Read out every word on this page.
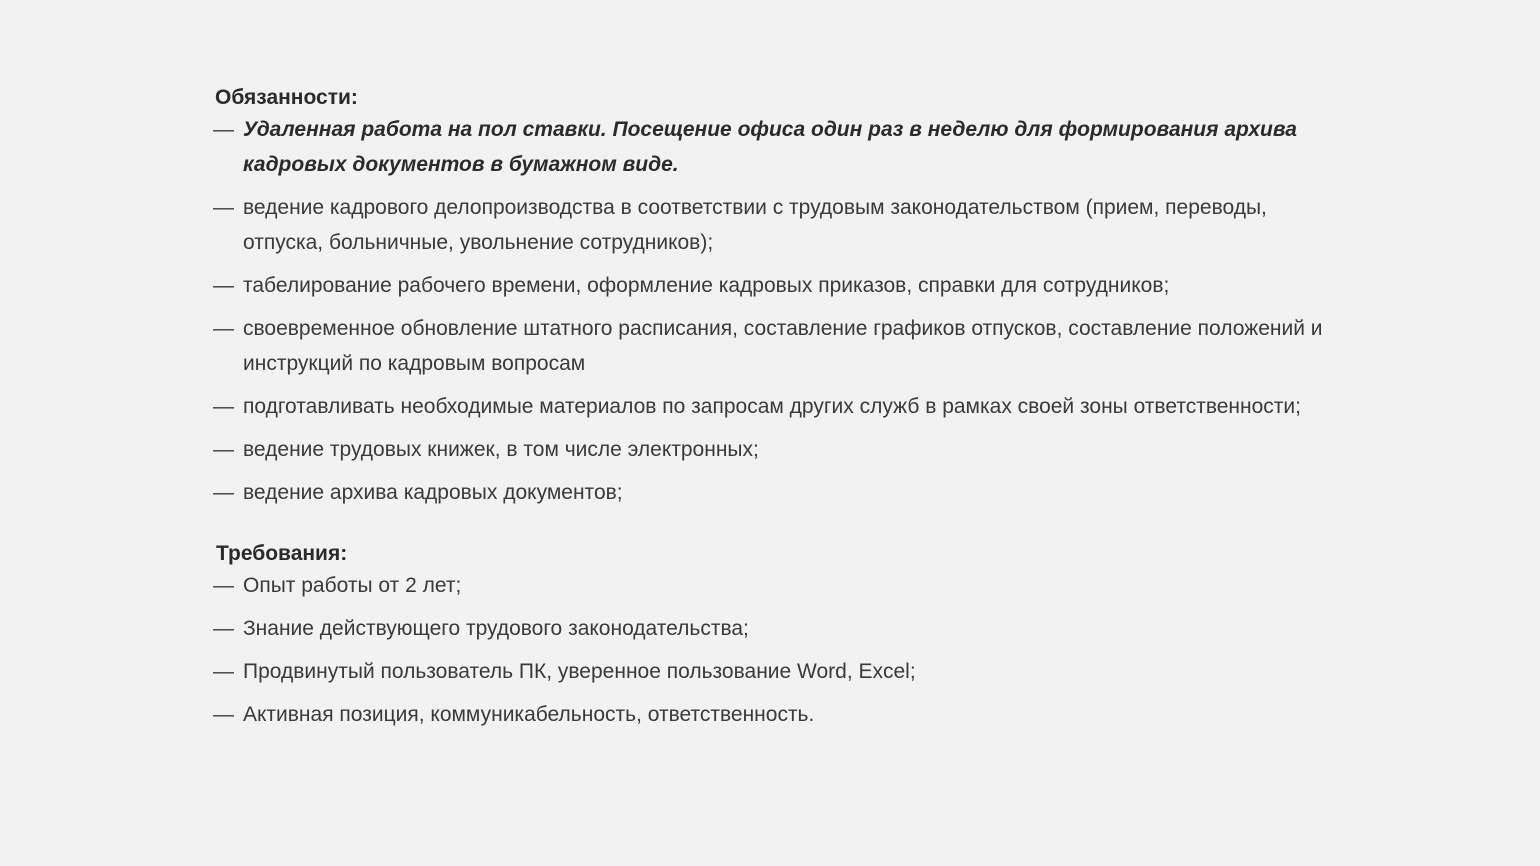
Обязанности:
— Удаленная работа на пол ставки. Посещение офиса один раз в неделю для формирования архива кадровых документов в бумажном виде.
— ведение кадрового делопроизводства в соответствии с трудовым законодательством (прием, переводы, отпуска, больничные, увольнение сотрудников);
— табелирование рабочего времени, оформление кадровых приказов, справки для сотрудников;
— своевременное обновление штатного расписания, составление графиков отпусков, составление положений и инструкций по кадровым вопросам
— подготавливать необходимые материалов по запросам других служб в рамках своей зоны ответственности;
— ведение трудовых книжек, в том числе электронных;
— ведение архива кадровых документов;
Требования:
— Опыт работы от 2 лет;
— Знание действующего трудового законодательства;
— Продвинутый пользователь ПК, уверенное пользование Word, Excel;
— Активная позиция, коммуникабельность, ответственность.
